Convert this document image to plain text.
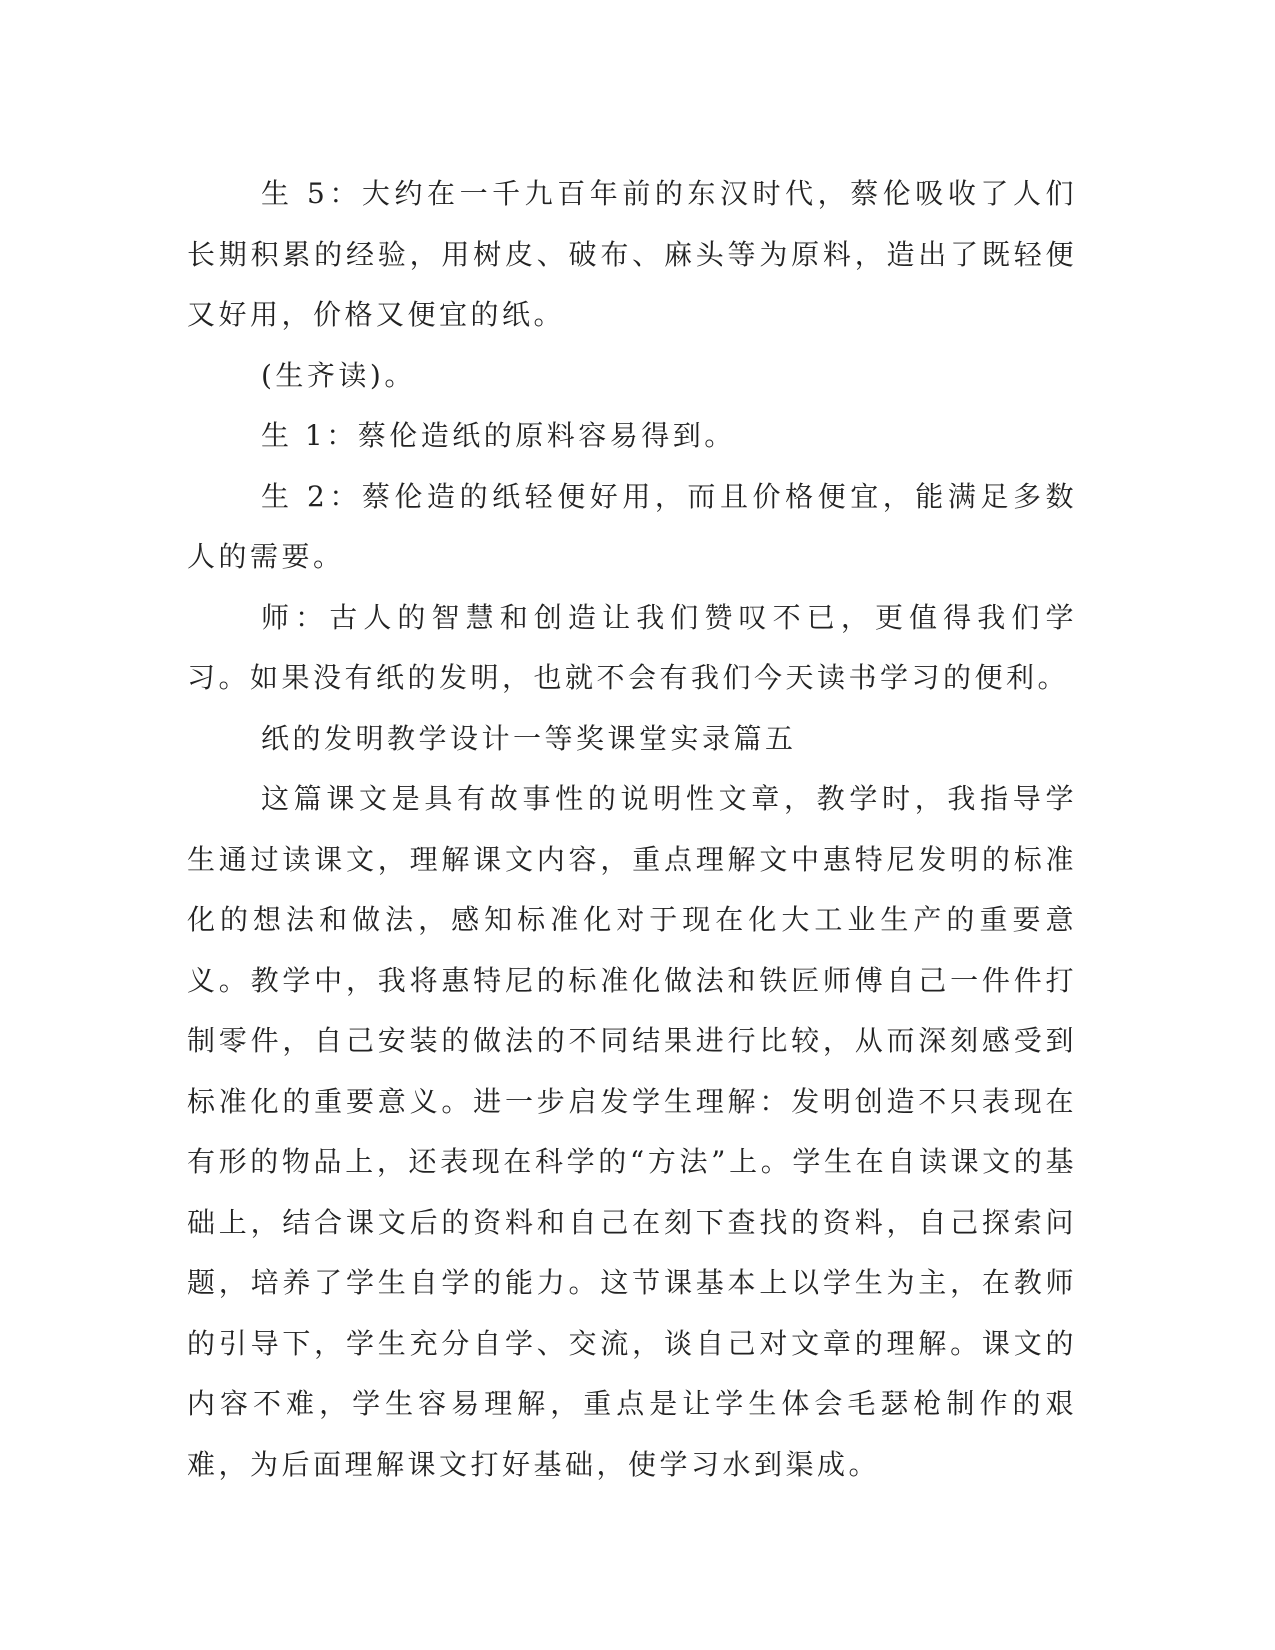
生 5：大约在一千九百年前的东汉时代，蔡伦吸收了人们长期积累的经验，用树皮、破布、麻头等为原料，造出了既轻便又好用，价格又便宜的纸。

(生齐读)。

生 1：蔡伦造纸的原料容易得到。

生 2：蔡伦造的纸轻便好用，而且价格便宜，能满足多数人的需要。

师：古人的智慧和创造让我们赞叹不已，更值得我们学习。如果没有纸的发明，也就不会有我们今天读书学习的便利。

纸的发明教学设计一等奖课堂实录篇五

这篇课文是具有故事性的说明性文章，教学时，我指导学生通过读课文，理解课文内容，重点理解文中惠特尼发明的标准化的想法和做法，感知标准化对于现在化大工业生产的重要意义。教学中，我将惠特尼的标准化做法和铁匠师傅自己一件件打制零件，自己安装的做法的不同结果进行比较，从而深刻感受到标准化的重要意义。进一步启发学生理解：发明创造不只表现在有形的物品上，还表现在科学的“方法”上。学生在自读课文的基础上，结合课文后的资料和自己在刻下查找的资料，自己探索问题，培养了学生自学的能力。这节课基本上以学生为主，在教师的引导下，学生充分自学、交流，谈自己对文章的理解。课文的内容不难，学生容易理解，重点是让学生体会毛瑟枪制作的艰难，为后面理解课文打好基础，使学习水到渠成。
